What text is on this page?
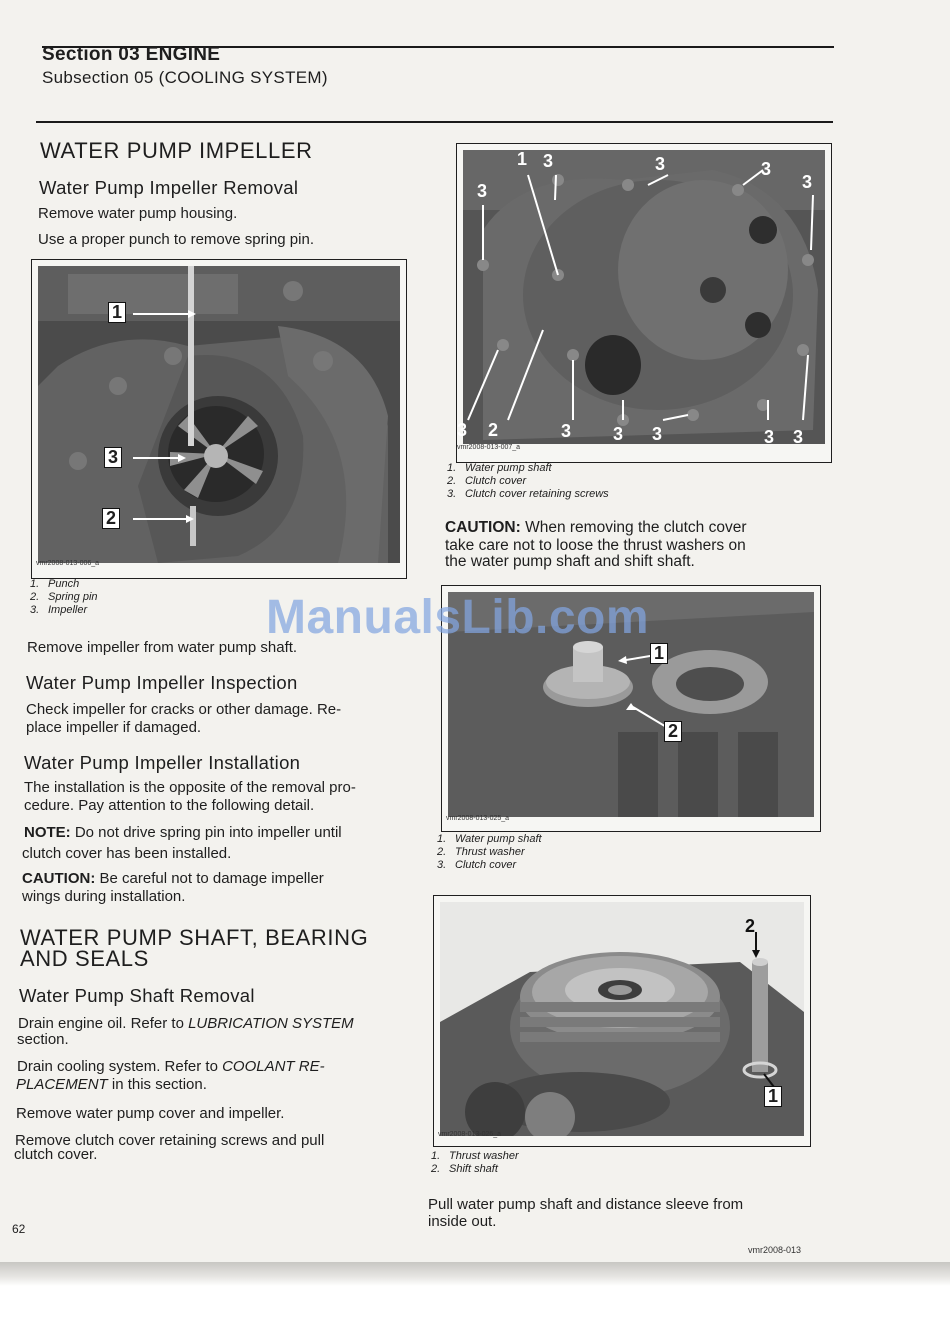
Section 03 ENGINE
Subsection 05 (COOLING SYSTEM)
WATER PUMP IMPELLER
Water Pump Impeller Removal
Remove water pump housing.
Use a proper punch to remove spring pin.
1
3
2
vmr2008-013-006_a
1. Punch
2. Spring pin
3. Impeller
Remove impeller from water pump shaft.
Water Pump Impeller Inspection
Check impeller for cracks or other damage. Re-
place impeller if damaged.
Water Pump Impeller Installation
The installation is the opposite of the removal pro-
cedure. Pay attention to the following detail.
NOTE: Do not drive spring pin into impeller until
clutch cover has been installed.
CAUTION: Be careful not to damage impeller
wings during installation.
WATER PUMP SHAFT, BEARING
AND SEALS
Water Pump Shaft Removal
Drain engine oil. Refer to LUBRICATION SYSTEM
section.
Drain cooling system. Refer to COOLANT RE-
PLACEMENT in this section.
Remove water pump cover and impeller.
Remove clutch cover retaining screws and pull
clutch cover.
62
1 3	3	3
3
3
3 2	3 3 3	3 3
vmr2008-013-007_a
1. Water pump shaft
2. Clutch cover
3. Clutch cover retaining screws
CAUTION: When removing the clutch cover
take care not to loose the thrust washers on
the water pump shaft and shift shaft.
1
2
vmr2008-013-025_a
1. Water pump shaft
2. Thrust washer
3. Clutch cover
2
1
vmr2008-013-026_a
1. Thrust washer
2. Shift shaft
Pull water pump shaft and distance sleeve from
inside out.
vmr2008-013
ManualsLib.com
